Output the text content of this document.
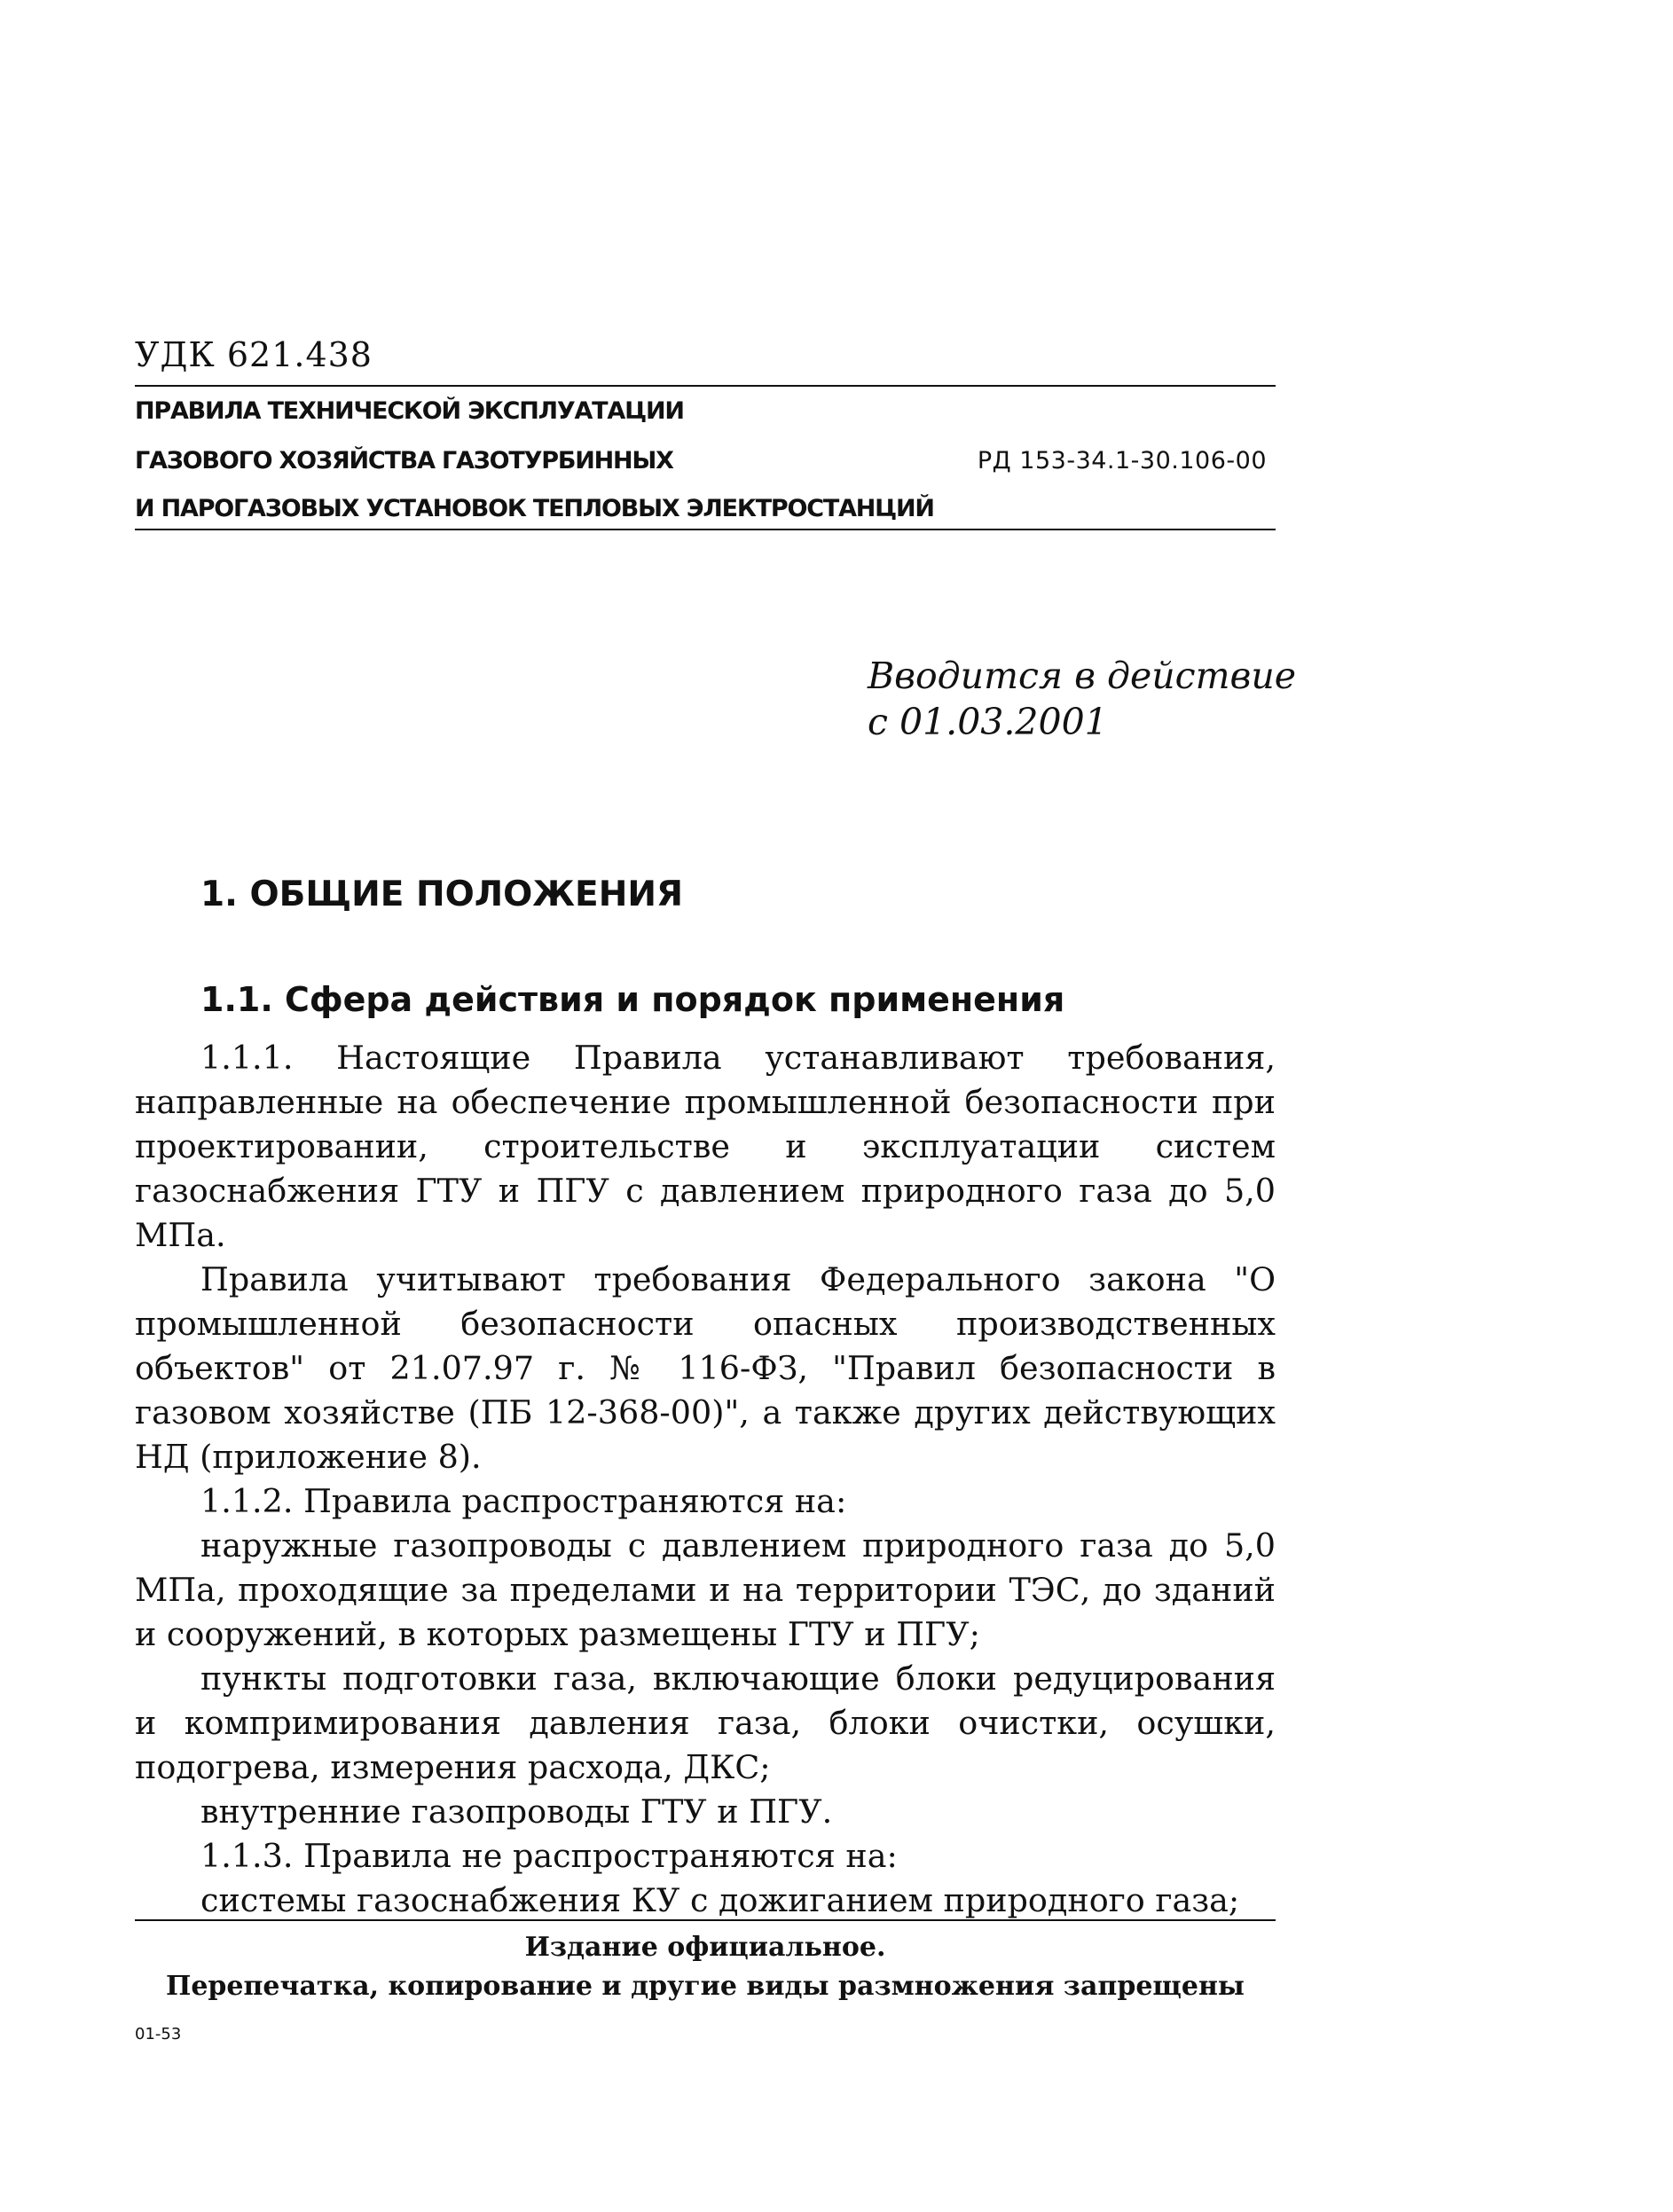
УДК 621.438
ПРАВИЛА ТЕХНИЧЕСКОЙ ЭКСПЛУАТАЦИИ
ГАЗОВОГО ХОЗЯЙСТВА ГАЗОТУРБИННЫХ
И ПАРОГАЗОВЫХ УСТАНОВОК ТЕПЛОВЫХ ЭЛЕКТРОСТАНЦИЙ
РД 153-34.1-30.106-00
Вводится в действие
с 01.03.2001
1. ОБЩИЕ ПОЛОЖЕНИЯ
1.1. Сфера действия и порядок применения

1.1.1. Настоящие Правила устанавливают требования, направленные на обеспечение промышленной безопасности при проектировании, строительстве и эксплуатации систем газоснабжения ГТУ и ПГУ с давлением природного газа до 5,0 МПа.

Правила учитывают требования Федерального закона "О промышленной безопасности опасных производственных объектов" от 21.07.97 г. № 116-ФЗ, "Правил безопасности в газовом хозяйстве (ПБ 12-368-00)", а также других действующих НД (приложение 8).

1.1.2. Правила распространяются на:

наружные газопроводы с давлением природного газа до 5,0 МПа, проходящие за пределами и на территории ТЭС, до зданий и сооружений, в которых размещены ГТУ и ПГУ;

пункты подготовки газа, включающие блоки редуцирования и компримирования давления газа, блоки очистки, осушки, подогрева, измерения расхода, ДКС;

внутренние газопроводы ГТУ и ПГУ.

1.1.3. Правила не распространяются на:

системы газоснабжения КУ с дожиганием природного газа;

Издание официальное.
Перепечатка, копирование и другие виды размножения запрещены
01-53
